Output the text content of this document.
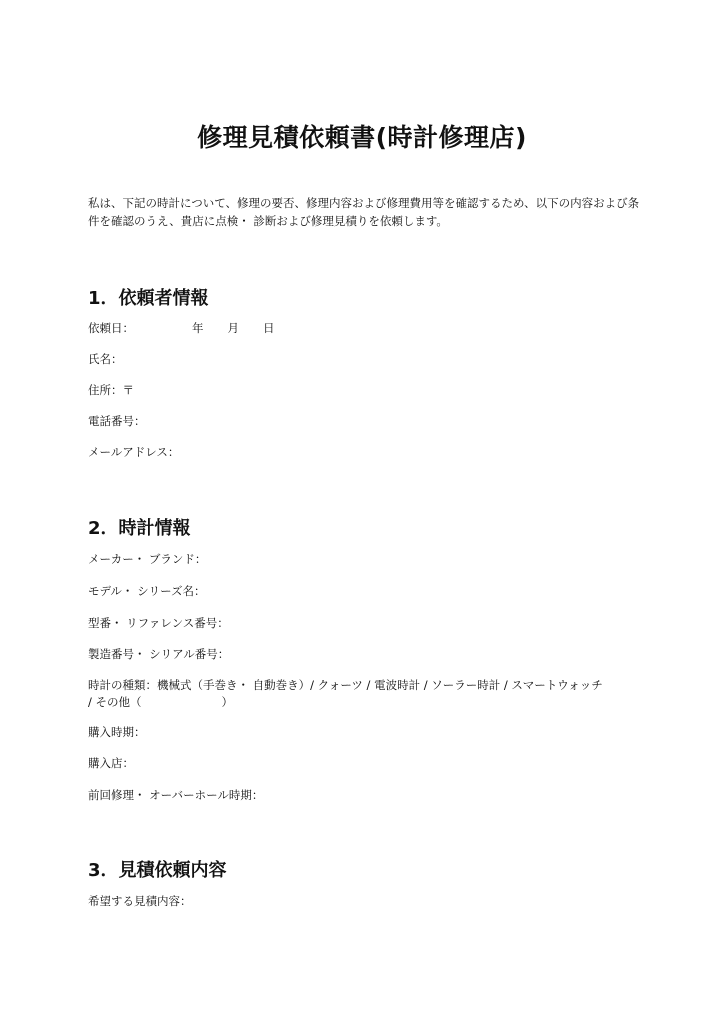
修理見積依頼書(時計修理店)

私は、下記の時計について、修理の要否、修理内容および修理費用等を確認するため、以下の内容および条件を確認のうえ、貴店に点検・ 診断および修理見積りを依頼します。

1．依頼者情報

依頼日：	年 月 日

氏名：

住所：〒

電話番号：

メールアドレス：

2．時計情報

メーカー・ ブランド：

モデル・ シリーズ名：

型番・ リファレンス番号：

製造番号・ シリアル番号：

時計の種類：機械式（手巻き・ 自動巻き）/ クォーツ / 電波時計 / ソーラー時計 / スマートウォッチ

/ その他（	）

購入時期：

購入店：

前回修理・ オーバーホール時期：

3．見積依頼内容

希望する見積内容：
